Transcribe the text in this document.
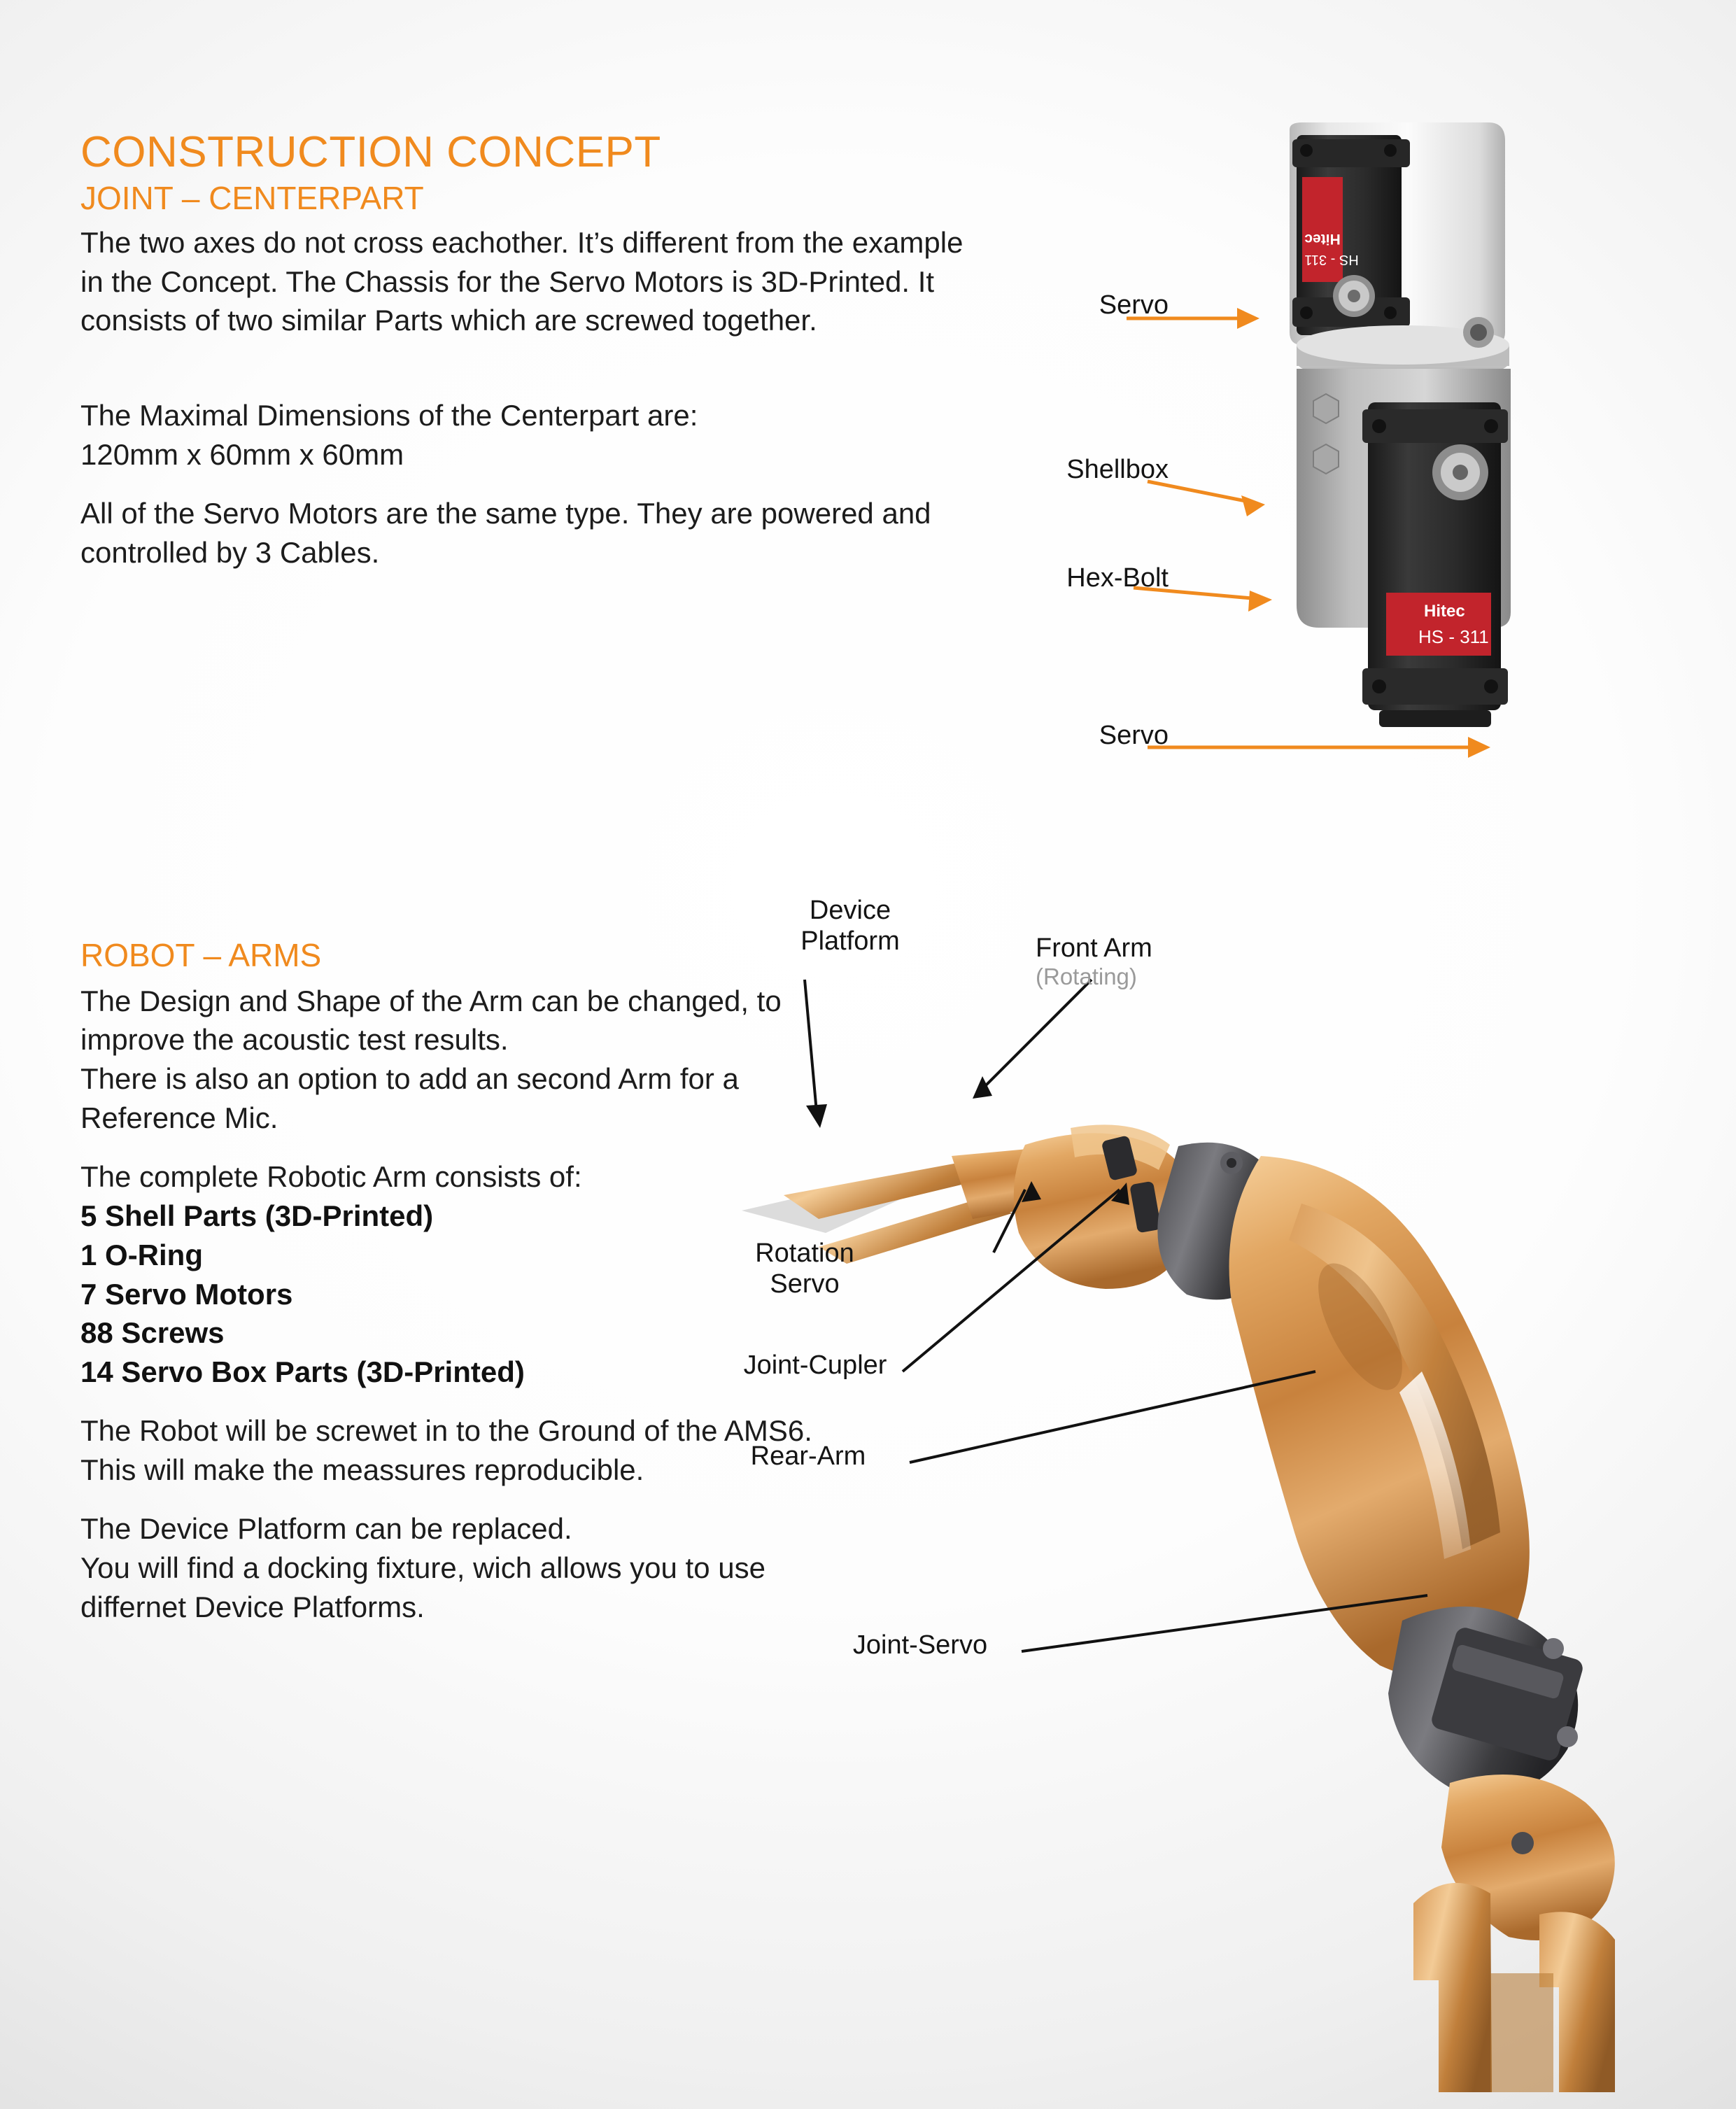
CONSTRUCTION CONCEPT
JOINT – CENTERPART

The two axes do not cross eachother. It’s different from the example in the Concept. The Chassis for the Servo Motors is 3D-Printed. It consists of two similar Parts which are screwed together.

The Maximal Dimensions of the Centerpart are:
120mm x 60mm x 60mm

All of the Servo Motors are the same type. They are powered and controlled by 3 Cables.

ROBOT – ARMS

The Design and Shape of the Arm can be changed, to improve the acoustic test results.
There is also an option to add an second Arm for a Reference Mic.

The complete Robotic Arm consists of:

5 Shell Parts (3D-Printed)

1 O-Ring

7 Servo Motors

88 Screws

14 Servo Box Parts (3D-Printed)

The Robot will be screwet in to the Ground of the AMS6.
This will make the meassures reproducible.

The Device Platform can be replaced.
You will find a docking fixture, wich allows you to use differnet Device Platforms.

Hitec
HS - 311
Hitec
HS - 311
Servo
Shellbox
Hex-Bolt
Servo
Device
Platform	Front Arm

(Rotating)

Rotation
Servo
Joint-Cupler
Rear-Arm
Joint-Servo
